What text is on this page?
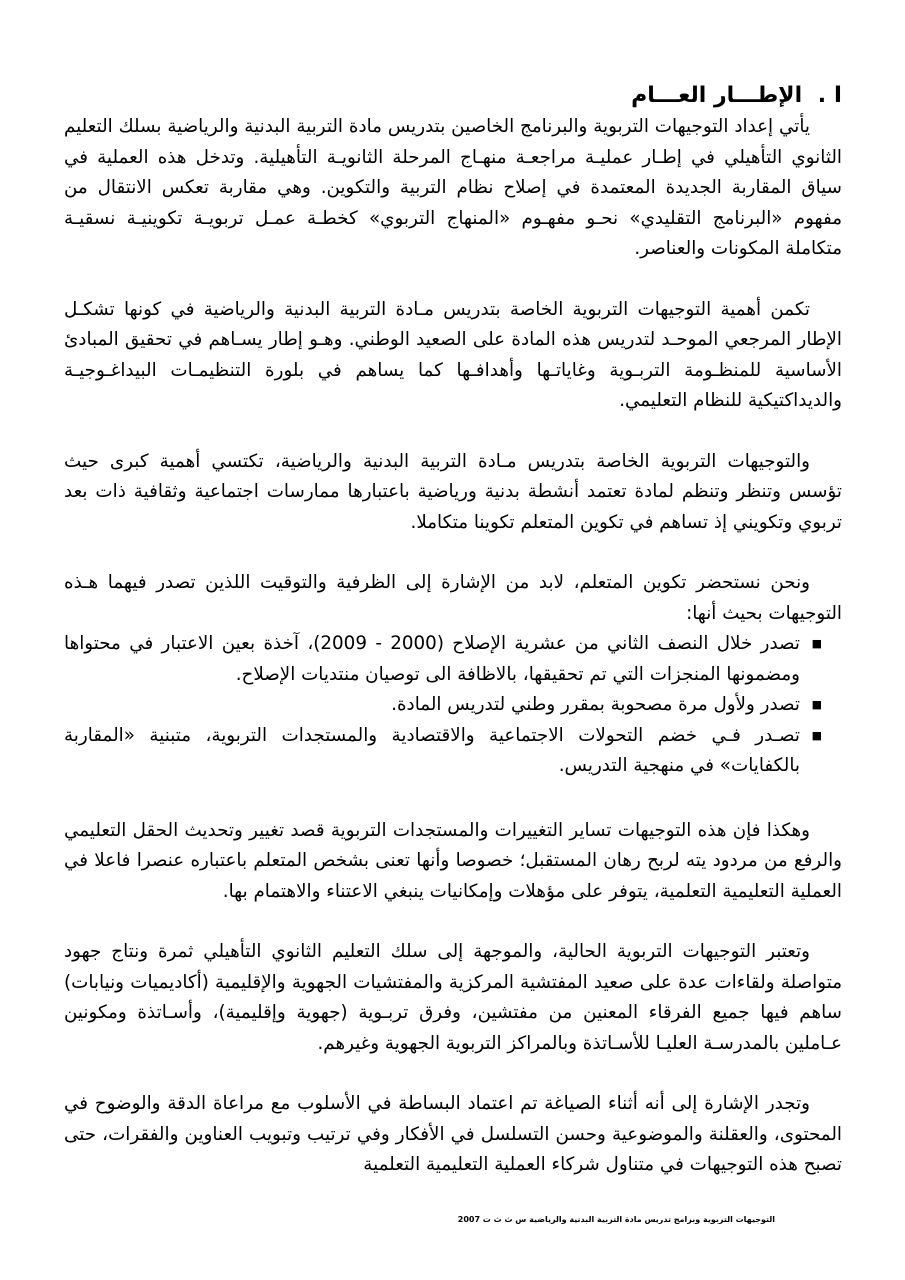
I . الإطـــار العـــام

يأتي إعداد التوجيهات التربوية والبرنامج الخاصين بتدريس مادة التربية البدنية والرياضية بسلك التعليم الثانوي التأهيلي في إطـار عمليـة مراجعـة منهـاج المرحلة الثانويـة التأهيلية. وتدخل هذه العملية في سياق المقاربة الجديدة المعتمدة في إصلاح نظام التربية والتكوين. وهي مقاربة تعكس الانتقال من مفهوم «البرنامج التقليدي» نحـو مفهـوم «المنهاج التربوي» كخطـة عمـل تربويـة تكوينيـة نسقيـة متكاملة المكونات والعناصر.

تكمن أهمية التوجيهات التربوية الخاصة بتدريس مـادة التربية البدنية والرياضية في كونها تشكـل الإطار المرجعي الموحـد لتدريس هذه المادة على الصعيد الوطني. وهـو إطار يسـاهم في تحقيق المبادئ الأساسية للمنظـومة التربـوية وغاياتـها وأهدافـها كما يساهم في بلورة التنظيمـات البيداغـوجيـة والديداكتيكية للنظام التعليمي.

والتوجيهات التربوية الخاصة بتدريس مـادة التربية البدنية والرياضية، تكتسي أهمية كبرى حيث تؤسس وتنظر وتنظم لمادة تعتمد أنشطة بدنية ورياضية باعتبارها ممارسات اجتماعية وثقافية ذات بعد تربوي وتكويني إذ تساهم في تكوين المتعلم تكوينا متكاملا.

ونحن نستحضر تكوين المتعلم، لابد من الإشارة إلى الظرفية والتوقيت اللذين تصدر فيهما هـذه التوجيهات بحيث أنها:

■
تصدر خلال النصف الثاني من عشرية الإصلاح (2000 - 2009)، آخذة بعين الاعتبار في محتواها ومضمونها المنجزات التي تم تحقيقها، بالاظافة الى توصيان منتديات الإصلاح.
■
تصدر ولأول مرة مصحوبة بمقرر وطني لتدريس المادة.
■
تصـدر فـي خضم التحولات الاجتماعية والاقتصادية والمستجدات التربوية، متبنية «المقاربة بالكفايات» في منهجية التدريس.

وهكذا فإن هذه التوجيهات تساير التغييرات والمستجدات التربوية قصد تغيير وتحديث الحقل التعليمي والرفع من مردود يته لربح رهان المستقبل؛ خصوصا وأنها تعنى بشخص المتعلم باعتباره عنصرا فاعلا في العملية التعليمية التعلمية، يتوفر على مؤهلات وإمكانيات ينبغي الاعتناء والاهتمام بها.

وتعتبر التوجيهات التربوية الحالية، والموجهة إلى سلك التعليم الثانوي التأهيلي ثمرة ونتاج جهود متواصلة ولقاءات عدة على صعيد المفتشية المركزية والمفتشيات الجهوية والإقليمية (أكاديميات ونيابات) ساهم فيها جميع الفرقاء المعنين من مفتشين، وفرق تربـوية (جهوية وإقليمية)، وأسـاتذة ومكونين عـاملين بالمدرسـة العليـا للأسـاتذة وبالمراكز التربوية الجهوية وغيرهم.

وتجدر الإشارة إلى أنه أثناء الصياغة تم اعتماد البساطة في الأسلوب مع مراعاة الدقة والوضوح في المحتوى، والعقلنة والموضوعية وحسن التسلسل في الأفكار وفي ترتيب وتبويب العناوين والفقرات، حتى تصبح هذه التوجيهات في متناول شركاء العملية التعليمية التعلمية

التوجيهات التربوية وبرامج تدريس مادة التربية البدنية والرياضية س ث ث ت 2007
